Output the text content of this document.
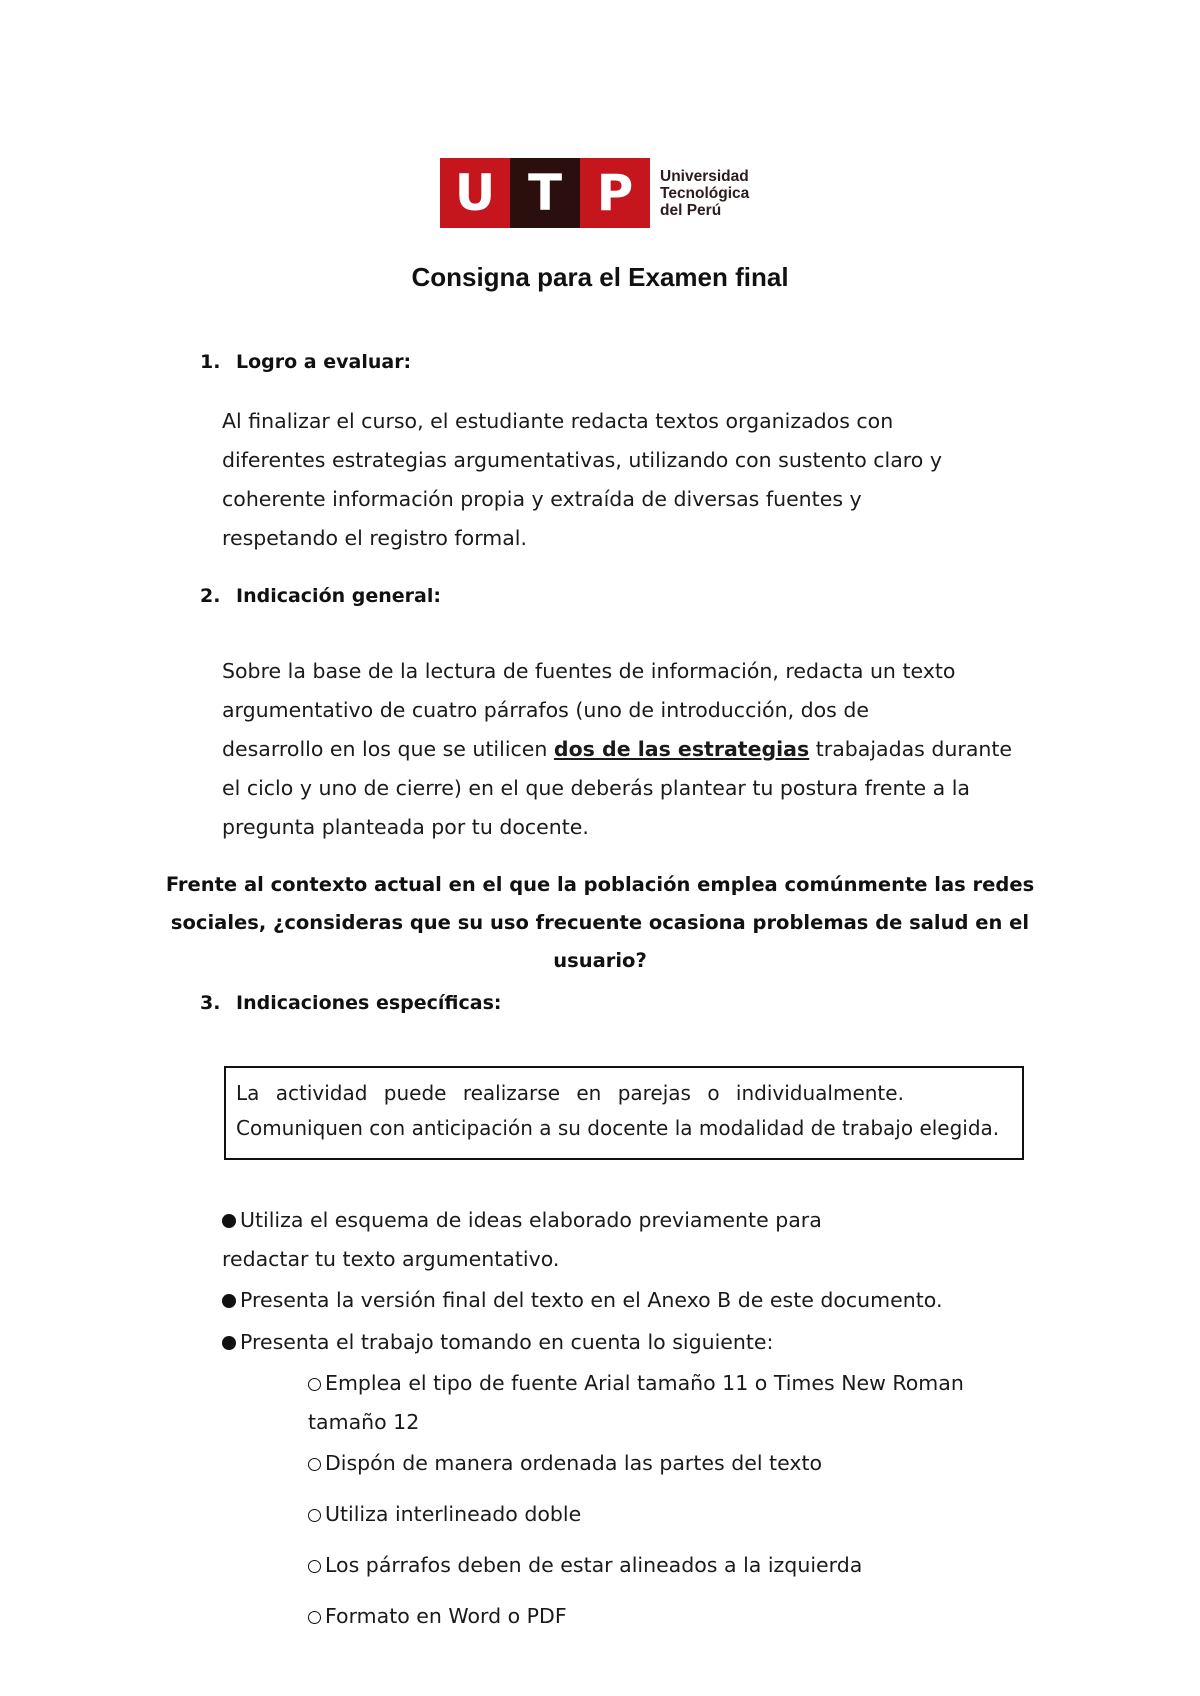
U T P	Universidad
Tecnológica
del Perú
Consigna para el Examen final
1. Logro a evaluar:
Al finalizar el curso, el estudiante redacta textos organizados con
diferentes estrategias argumentativas, utilizando con sustento claro y
coherente información propia y extraída de diversas fuentes y
respetando el registro formal.
2. Indicación general:
Sobre la base de la lectura de fuentes de información, redacta un texto
argumentativo de cuatro párrafos (uno de introducción, dos de
desarrollo en los que se utilicen dos de las estrategias trabajadas durante
el ciclo y uno de cierre) en el que deberás plantear tu postura frente a la
pregunta planteada por tu docente.
Frente al contexto actual en el que la población emplea comúnmente las redes
sociales, ¿consideras que su uso frecuente ocasiona problemas de salud en el
usuario?
3. Indicaciones específicas:
La actividad puede realizarse en parejas o individualmente.
Comuniquen con anticipación a su docente la modalidad de trabajo elegida.
Utiliza el esquema de ideas elaborado previamente para
redactar tu texto argumentativo.
Presenta la versión final del texto en el Anexo B de este documento.
Presenta el trabajo tomando en cuenta lo siguiente:
Emplea el tipo de fuente Arial tamaño 11 o Times New Roman
tamaño 12
Dispón de manera ordenada las partes del texto
Utiliza interlineado doble
Los párrafos deben de estar alineados a la izquierda
Formato en Word o PDF
